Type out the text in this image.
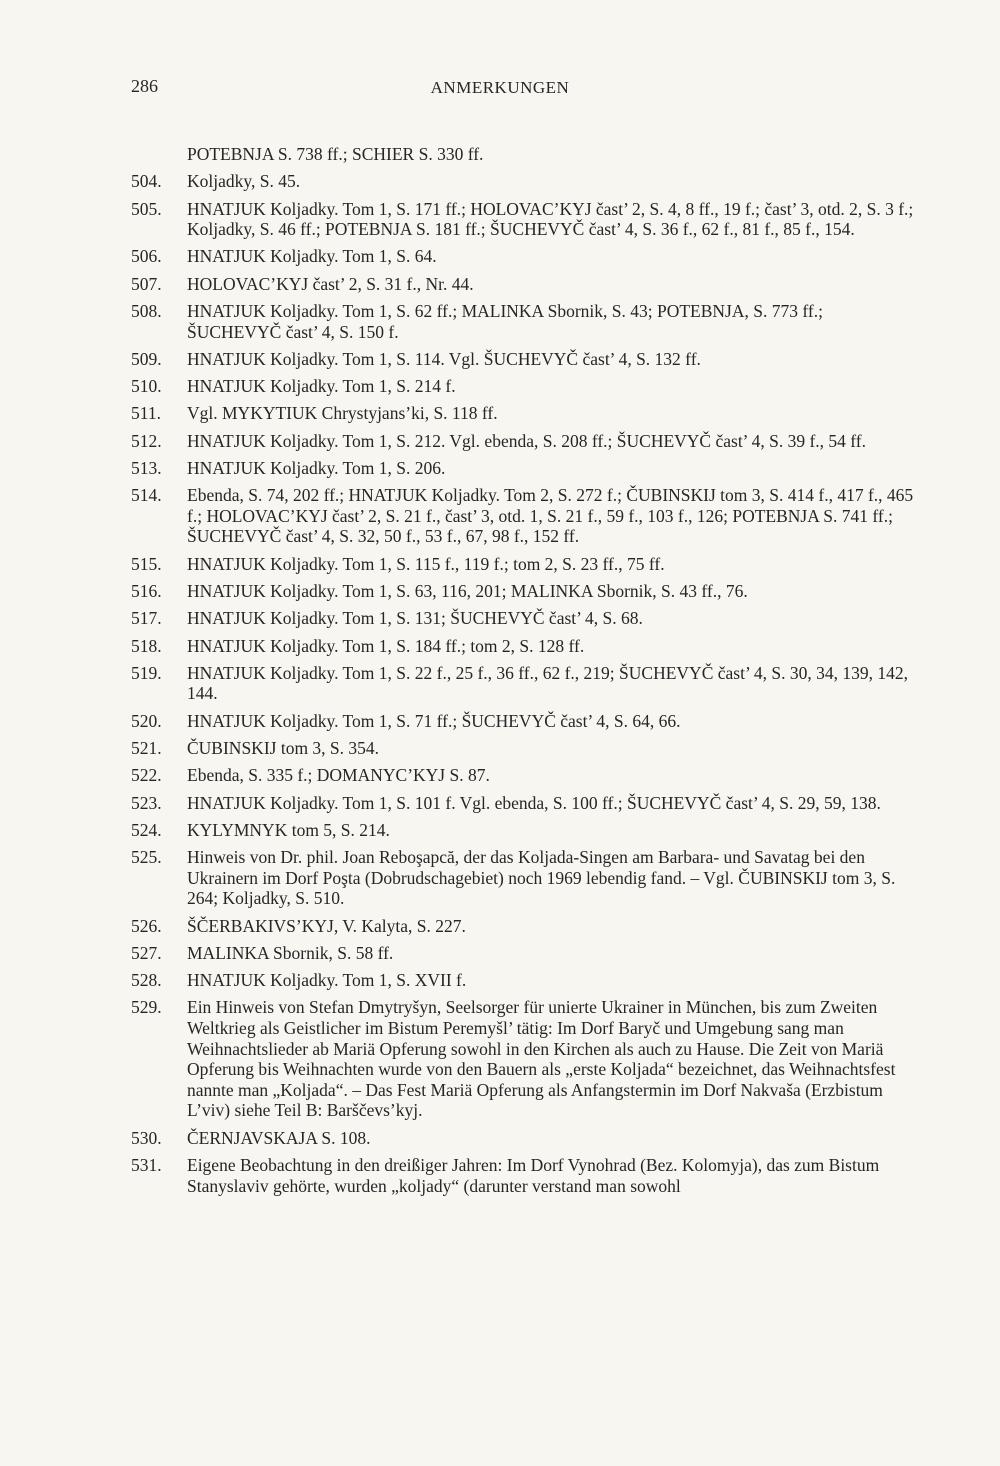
286	ANMERKUNGEN
POTEBNJA S. 738 ff.; SCHIER S. 330 ff.
504. Koljadky, S. 45.
505. HNATJUK Koljadky. Tom 1, S. 171 ff.; HOLOVAC’KYJ čast’ 2, S. 4, 8 ff., 19 f.; čast’ 3, otd. 2, S. 3 f.; Koljadky, S. 46 ff.; POTEBNJA S. 181 ff.; ŠUCHEVYČ čast’ 4, S. 36 f., 62 f., 81 f., 85 f., 154.
506. HNATJUK Koljadky. Tom 1, S. 64.
507. HOLOVAC’KYJ čast’ 2, S. 31 f., Nr. 44.
508. HNATJUK Koljadky. Tom 1, S. 62 ff.; MALINKA Sbornik, S. 43; POTEBNJA, S. 773 ff.; ŠUCHEVYČ čast’ 4, S. 150 f.
509. HNATJUK Koljadky. Tom 1, S. 114. Vgl. ŠUCHEVYČ čast’ 4, S. 132 ff.
510. HNATJUK Koljadky. Tom 1, S. 214 f.
511. Vgl. MYKYTIUK Chrystyjans’ki, S. 118 ff.
512. HNATJUK Koljadky. Tom 1, S. 212. Vgl. ebenda, S. 208 ff.; ŠUCHEVYČ čast’ 4, S. 39 f., 54 ff.
513. HNATJUK Koljadky. Tom 1, S. 206.
514. Ebenda, S. 74, 202 ff.; HNATJUK Koljadky. Tom 2, S. 272 f.; ČUBINSKIJ tom 3, S. 414 f., 417 f., 465 f.; HOLOVAC’KYJ čast’ 2, S. 21 f., čast’ 3, otd. 1, S. 21 f., 59 f., 103 f., 126; POTEBNJA S. 741 ff.; ŠUCHEVYČ čast’ 4, S. 32, 50 f., 53 f., 67, 98 f., 152 ff.
515. HNATJUK Koljadky. Tom 1, S. 115 f., 119 f.; tom 2, S. 23 ff., 75 ff.
516. HNATJUK Koljadky. Tom 1, S. 63, 116, 201; MALINKA Sbornik, S. 43 ff., 76.
517. HNATJUK Koljadky. Tom 1, S. 131; ŠUCHEVYČ čast’ 4, S. 68.
518. HNATJUK Koljadky. Tom 1, S. 184 ff.; tom 2, S. 128 ff.
519. HNATJUK Koljadky. Tom 1, S. 22 f., 25 f., 36 ff., 62 f., 219; ŠUCHEVYČ čast’ 4, S. 30, 34, 139, 142, 144.
520. HNATJUK Koljadky. Tom 1, S. 71 ff.; ŠUCHEVYČ čast’ 4, S. 64, 66.
521. ČUBINSKIJ tom 3, S. 354.
522. Ebenda, S. 335 f.; DOMANYC’KYJ S. 87.
523. HNATJUK Koljadky. Tom 1, S. 101 f. Vgl. ebenda, S. 100 ff.; ŠUCHEVYČ čast’ 4, S. 29, 59, 138.
524. KYLYMNYK tom 5, S. 214.
525. Hinweis von Dr. phil. Joan Reboşapcă, der das Koljada-Singen am Barbara- und Savatag bei den Ukrainern im Dorf Poşta (Dobrudschagebiet) noch 1969 lebendig fand. – Vgl. ČUBINSKIJ tom 3, S. 264; Koljadky, S. 510.
526. ŠČERBAKIVS’KYJ, V. Kalyta, S. 227.
527. MALINKA Sbornik, S. 58 ff.
528. HNATJUK Koljadky. Tom 1, S. XVII f.
529. Ein Hinweis von Stefan Dmytryšyn, Seelsorger für unierte Ukrainer in München, bis zum Zweiten Weltkrieg als Geistlicher im Bistum Peremyšl’ tätig: Im Dorf Baryč und Umgebung sang man Weihnachtslieder ab Mariä Opferung sowohl in den Kirchen als auch zu Hause. Die Zeit von Mariä Opferung bis Weihnachten wurde von den Bauern als „erste Koljada“ bezeichnet, das Weihnachtsfest nannte man „Koljada“. – Das Fest Mariä Opferung als Anfangstermin im Dorf Nakvaša (Erzbistum L’viv) siehe Teil B: Barščevs’kyj.
530. ČERNJAVSKAJA S. 108.
531. Eigene Beobachtung in den dreißiger Jahren: Im Dorf Vynohrad (Bez. Kolomyja), das zum Bistum Stanyslaviv gehörte, wurden „koljady“ (darunter verstand man sowohl
